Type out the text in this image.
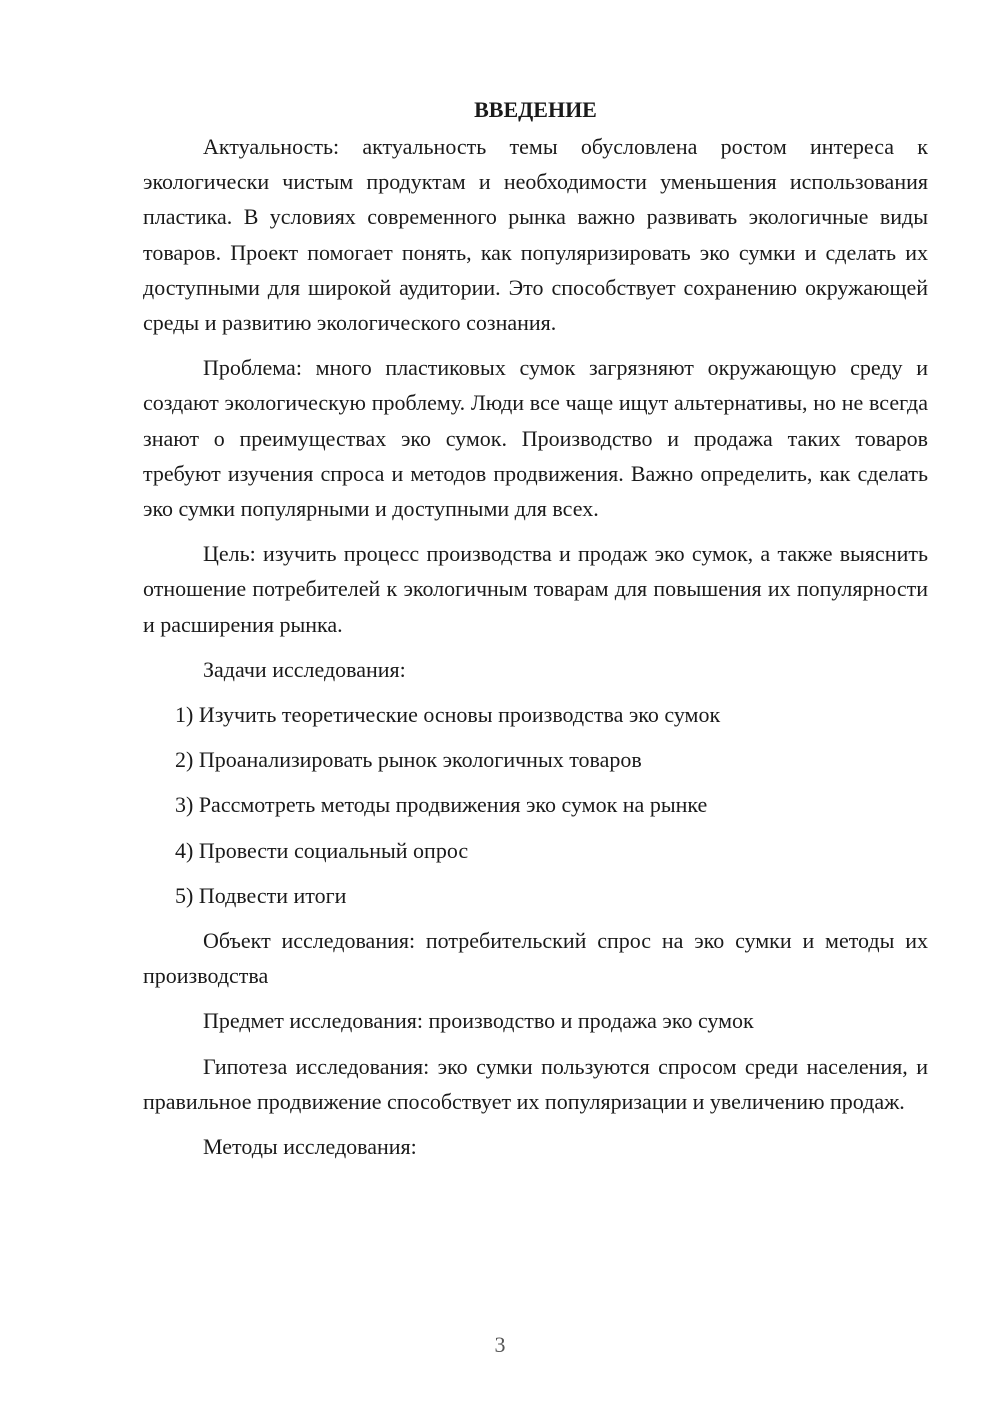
ВВЕДЕНИЕ

Актуальность: актуальность темы обусловлена ростом интереса к экологически чистым продуктам и необходимости уменьшения использования пластика. В условиях современного рынка важно развивать экологичные виды товаров. Проект помогает понять, как популяризировать эко сумки и сделать их доступными для широкой аудитории. Это способствует сохранению окружающей среды и развитию экологического сознания.

Проблема: много пластиковых сумок загрязняют окружающую среду и создают экологическую проблему. Люди все чаще ищут альтернативы, но не всегда знают о преимуществах эко сумок. Производство и продажа таких товаров требуют изучения спроса и методов продвижения. Важно определить, как сделать эко сумки популярными и доступными для всех.

Цель: изучить процесс производства и продаж эко сумок, а также выяснить отношение потребителей к экологичным товарам для повышения их популярности и расширения рынка.

Задачи исследования:

1) Изучить теоретические основы производства эко сумок

2) Проанализировать рынок экологичных товаров

3) Рассмотреть методы продвижения эко сумок на рынке

4) Провести социальный опрос

5) Подвести итоги

Объект исследования: потребительский спрос на эко сумки и методы их производства

Предмет исследования: производство и продажа эко сумок

Гипотеза исследования: эко сумки пользуются спросом среди населения, и правильное продвижение способствует их популяризации и увеличению продаж.

Методы исследования:

3
